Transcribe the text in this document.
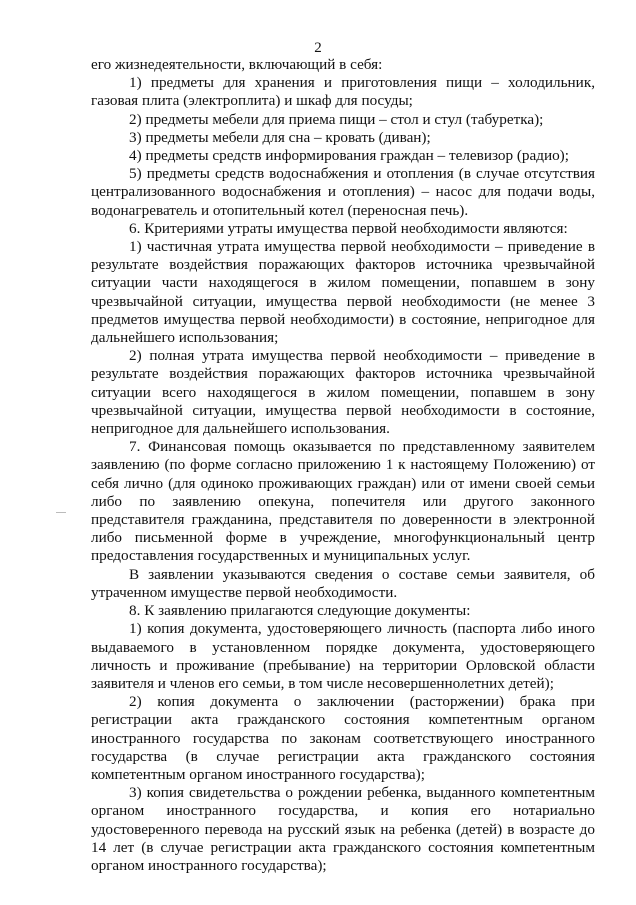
2

его жизнедеятельности, включающий в себя:

1) предметы для хранения и приготовления пищи – холодильник, газовая плита (электроплита) и шкаф для посуды;

2) предметы мебели для приема пищи – стол и стул (табуретка);

3) предметы мебели для сна – кровать (диван);

4) предметы средств информирования граждан – телевизор (радио);

5) предметы средств водоснабжения и отопления (в случае отсутствия централизованного водоснабжения и отопления) – насос для подачи воды, водонагреватель и отопительный котел (переносная печь).

6. Критериями утраты имущества первой необходимости являются:

1) частичная утрата имущества первой необходимости – приведение в результате воздействия поражающих факторов источника чрезвычайной ситуации части находящегося в жилом помещении, попавшем в зону чрезвычайной ситуации, имущества первой необходимости (не менее 3 предметов имущества первой необходимости) в состояние, непригодное для дальнейшего использования;

2) полная утрата имущества первой необходимости – приведение в результате воздействия поражающих факторов источника чрезвычайной ситуации всего находящегося в жилом помещении, попавшем в зону чрезвычайной ситуации, имущества первой необходимости в состояние, непригодное для дальнейшего использования.

7. Финансовая помощь оказывается по представленному заявителем заявлению (по форме согласно приложению 1 к настоящему Положению) от себя лично (для одиноко проживающих граждан) или от имени своей семьи либо по заявлению опекуна, попечителя или другого законного представителя гражданина, представителя по доверенности в электронной либо письменной форме в учреждение, многофункциональный центр предоставления государственных и муниципальных услуг.

В заявлении указываются сведения о составе семьи заявителя, об утраченном имуществе первой необходимости.

8. К заявлению прилагаются следующие документы:

1) копия документа, удостоверяющего личность (паспорта либо иного выдаваемого в установленном порядке документа, удостоверяющего личность и проживание (пребывание) на территории Орловской области заявителя и членов его семьи, в том числе несовершеннолетних детей);

2) копия документа о заключении (расторжении) брака при регистрации акта гражданского состояния компетентным органом иностранного государства по законам соответствующего иностранного государства (в случае регистрации акта гражданского состояния компетентным органом иностранного государства);

3) копия свидетельства о рождении ребенка, выданного компетентным органом иностранного государства, и копия его нотариально удостоверенного перевода на русский язык на ребенка (детей) в возрасте до 14 лет (в случае регистрации акта гражданского состояния компетентным органом иностранного государства);
